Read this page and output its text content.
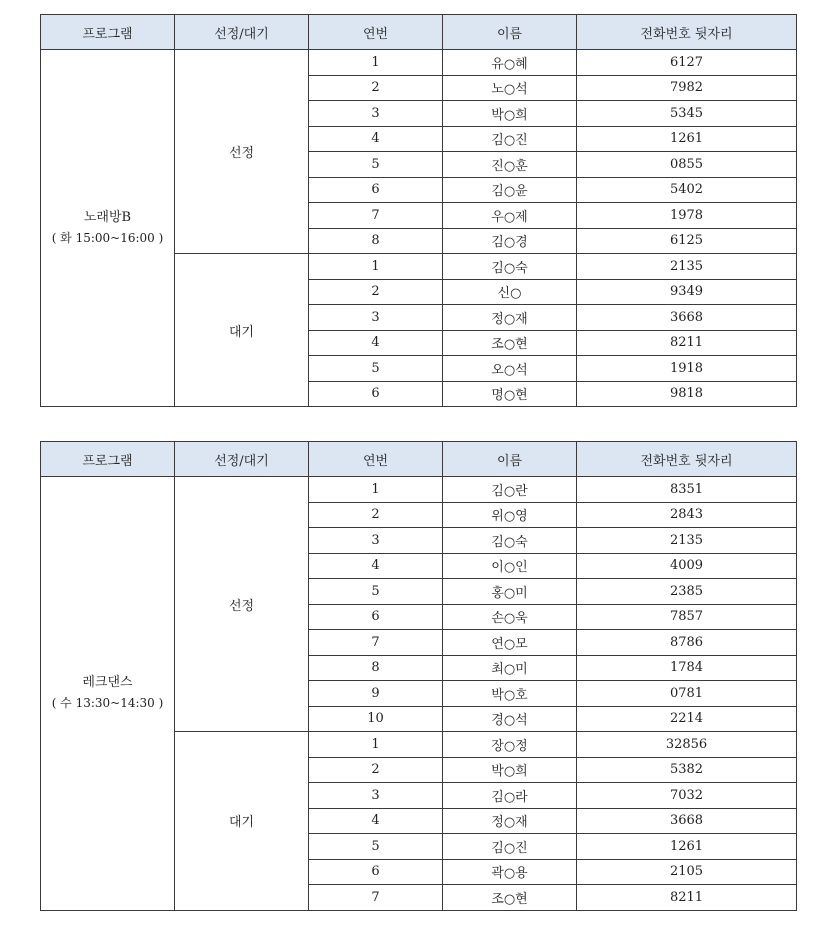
프로그램	선정/대기	연번	이름	전화번호 뒷자리

노래방B
( 화 15:00~16:00 )	선정	1	유○혜	6127
		2	노○석	7982
		3	박○희	5345
		4	김○진	1261
		5	진○훈	0855
		6	김○윤	5402
		7	우○제	1978
		8	김○경	6125
	대기	1	김○숙	2135
		2	신○	9349
		3	정○재	3668
		4	조○현	8211
		5	오○석	1918
		6	명○현	9818
프로그램	선정/대기	연번	이름	전화번호 뒷자리

레크댄스
( 수 13:30~14:30 )	선정	1	김○란	8351
		2	위○영	2843
		3	김○숙	2135
		4	이○인	4009
		5	홍○미	2385
		6	손○욱	7857
		7	연○모	8786
		8	최○미	1784
		9	박○호	0781
		10	경○석	2214
	대기	1	장○정	32856
		2	박○희	5382
		3	김○라	7032
		4	정○재	3668
		5	김○진	1261
		6	곽○용	2105
		7	조○현	8211
